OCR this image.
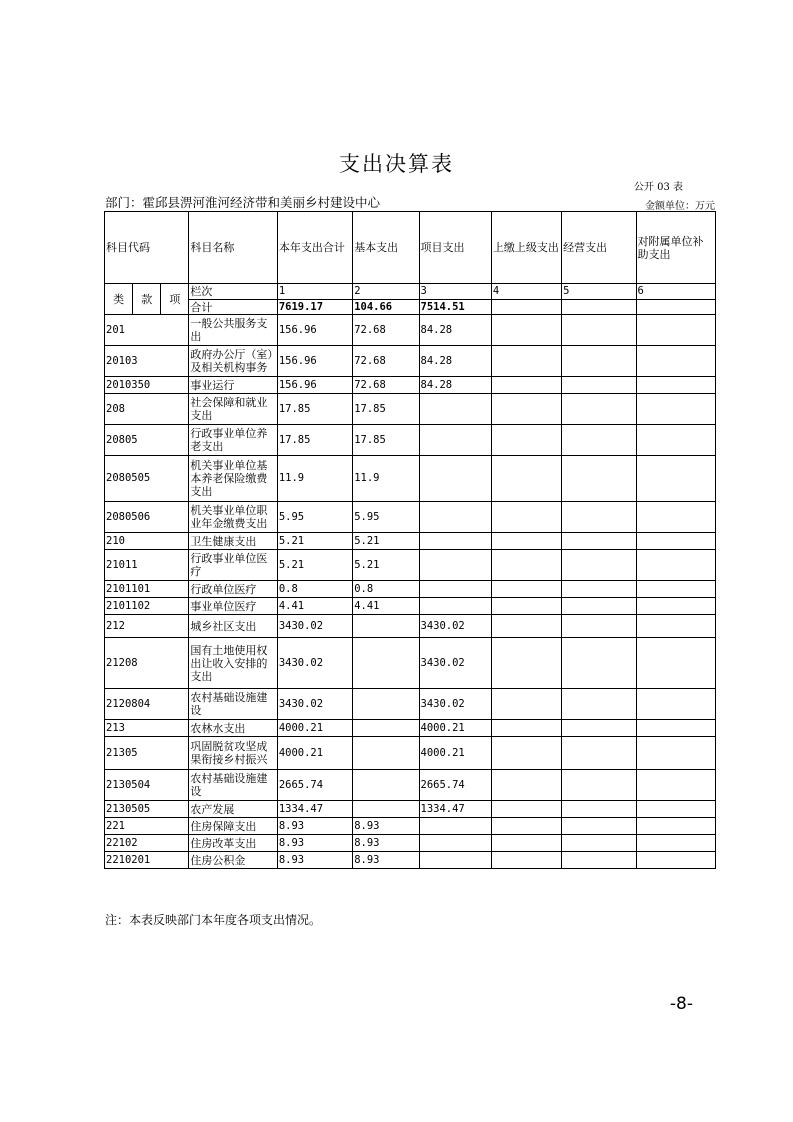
支出决算表
公开 03 表
部门：霍邱县淠河淮河经济带和美丽乡村建设中心	金额单位：万元
科目代码			科目名称	本年支出合计	基本支出	项目支出	上缴上级支出	经营支出	对附属单位补助支出
类	款	项	栏次	1	2	3	4	5	6
			合计	7619.17	104.66	7514.51			
201			一般公共服务支出	156.96	72.68	84.28			
20103			政府办公厅（室）及相关机构事务	156.96	72.68	84.28			
2010350			事业运行	156.96	72.68	84.28			
208			社会保障和就业支出	17.85	17.85				
20805			行政事业单位养老支出	17.85	17.85				
2080505			机关事业单位基本养老保险缴费支出	11.9	11.9				
2080506			机关事业单位职业年金缴费支出	5.95	5.95				
210			卫生健康支出	5.21	5.21				
21011			行政事业单位医疗	5.21	5.21				
2101101			行政单位医疗	0.8	0.8				
2101102			事业单位医疗	4.41	4.41				
212			城乡社区支出	3430.02		3430.02			
21208			国有土地使用权出让收入安排的支出	3430.02		3430.02			
2120804			农村基础设施建设	3430.02		3430.02			
213			农林水支出	4000.21		4000.21			
21305			巩固脱贫攻坚成果衔接乡村振兴	4000.21		4000.21			
2130504			农村基础设施建设	2665.74		2665.74			
2130505			农产发展	1334.47		1334.47			
221			住房保障支出	8.93	8.93				
22102			住房改革支出	8.93	8.93				
2210201			住房公积金	8.93	8.93				
注：本表反映部门本年度各项支出情况。
-8-
